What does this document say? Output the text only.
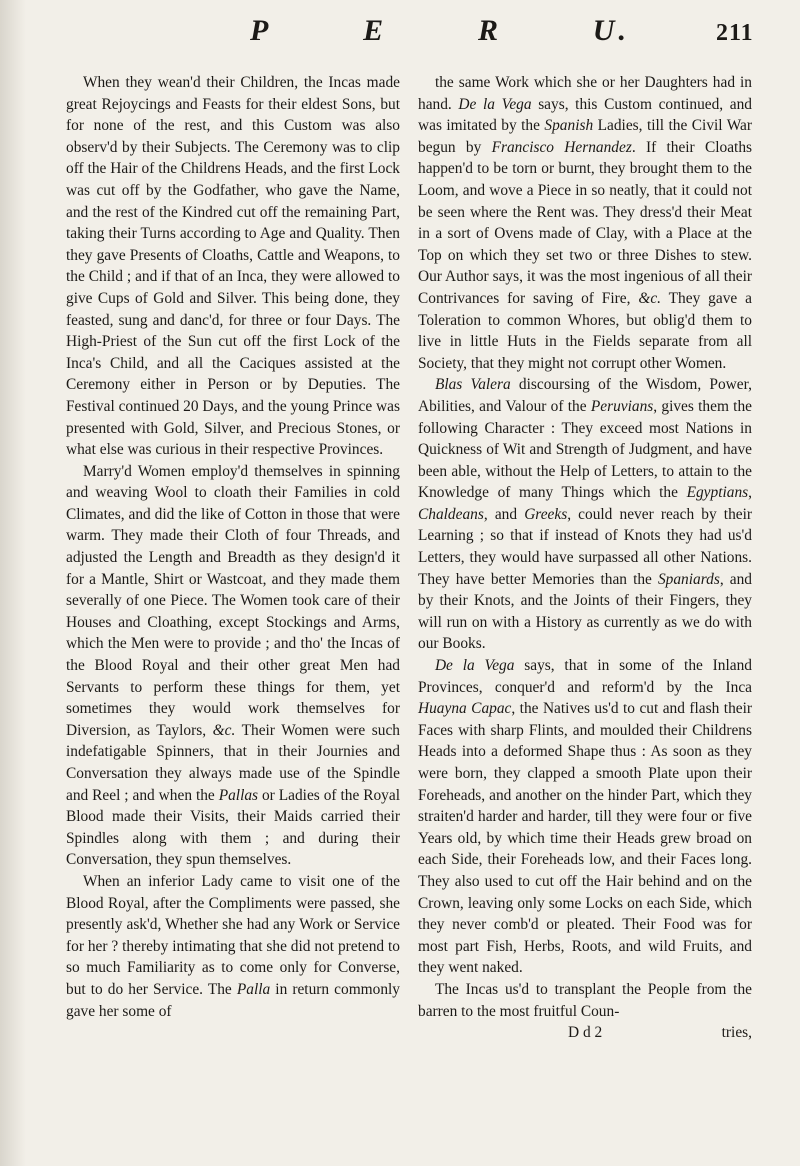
P	E	R	U.	211

When they wean'd their Children, the Incas made great Rejoycings and Feasts for their eldest Sons, but for none of the rest, and this Custom was also observ'd by their Subjects. The Ceremony was to clip off the Hair of the Childrens Heads, and the first Lock was cut off by the Godfather, who gave the Name, and the rest of the Kindred cut off the remaining Part, taking their Turns according to Age and Quality. Then they gave Presents of Cloaths, Cattle and Weapons, to the Child ; and if that of an Inca, they were allowed to give Cups of Gold and Silver. This being done, they feasted, sung and danc'd, for three or four Days. The High-Priest of the Sun cut off the first Lock of the Inca's Child, and all the Caciques assisted at the Ceremony either in Person or by Deputies. The Festival continued 20 Days, and the young Prince was presented with Gold, Silver, and Precious Stones, or what else was curious in their respective Provinces.

Marry'd Women employ'd themselves in spinning and weaving Wool to cloath their Families in cold Climates, and did the like of Cotton in those that were warm. They made their Cloth of four Threads, and adjusted the Length and Breadth as they design'd it for a Mantle, Shirt or Wastcoat, and they made them severally of one Piece. The Women took care of their Houses and Cloathing, except Stockings and Arms, which the Men were to provide ; and tho' the Incas of the Blood Royal and their other great Men had Servants to perform these things for them, yet sometimes they would work themselves for Diversion, as Taylors, &c. Their Women were such indefatigable Spinners, that in their Journies and Conversation they always made use of the Spindle and Reel ; and when the Pallas or Ladies of the Royal Blood made their Visits, their Maids carried their Spindles along with them ; and during their Conversation, they spun themselves.

When an inferior Lady came to visit one of the Blood Royal, after the Compliments were passed, she presently ask'd, Whether she had any Work or Service for her ? thereby intimating that she did not pretend to so much Familiarity as to come only for Converse, but to do her Service. The Palla in return commonly gave her some of

the same Work which she or her Daughters had in hand. De la Vega says, this Custom continued, and was imitated by the Spanish Ladies, till the Civil War begun by Francisco Hernandez. If their Cloaths happen'd to be torn or burnt, they brought them to the Loom, and wove a Piece in so neatly, that it could not be seen where the Rent was. They dress'd their Meat in a sort of Ovens made of Clay, with a Place at the Top on which they set two or three Dishes to stew. Our Author says, it was the most ingenious of all their Contrivances for saving of Fire, &c. They gave a Toleration to common Whores, but oblig'd them to live in little Huts in the Fields separate from all Society, that they might not corrupt other Women.

Blas Valera discoursing of the Wisdom, Power, Abilities, and Valour of the Peruvians, gives them the following Character : They exceed most Nations in Quickness of Wit and Strength of Judgment, and have been able, without the Help of Letters, to attain to the Knowledge of many Things which the Egyptians, Chaldeans, and Greeks, could never reach by their Learning ; so that if instead of Knots they had us'd Letters, they would have surpassed all other Nations. They have better Memories than the Spaniards, and by their Knots, and the Joints of their Fingers, they will run on with a History as currently as we do with our Books.

De la Vega says, that in some of the Inland Provinces, conquer'd and reform'd by the Inca Huayna Capac, the Natives us'd to cut and flash their Faces with sharp Flints, and moulded their Childrens Heads into a deformed Shape thus : As soon as they were born, they clapped a smooth Plate upon their Foreheads, and another on the hinder Part, which they straiten'd harder and harder, till they were four or five Years old, by which time their Heads grew broad on each Side, their Foreheads low, and their Faces long. They also used to cut off the Hair behind and on the Crown, leaving only some Locks on each Side, which they never comb'd or pleated. Their Food was for most part Fish, Herbs, Roots, and wild Fruits, and they went naked.

The Incas us'd to transplant the People from the barren to the most fruitful Coun-

D d 2	tries,
